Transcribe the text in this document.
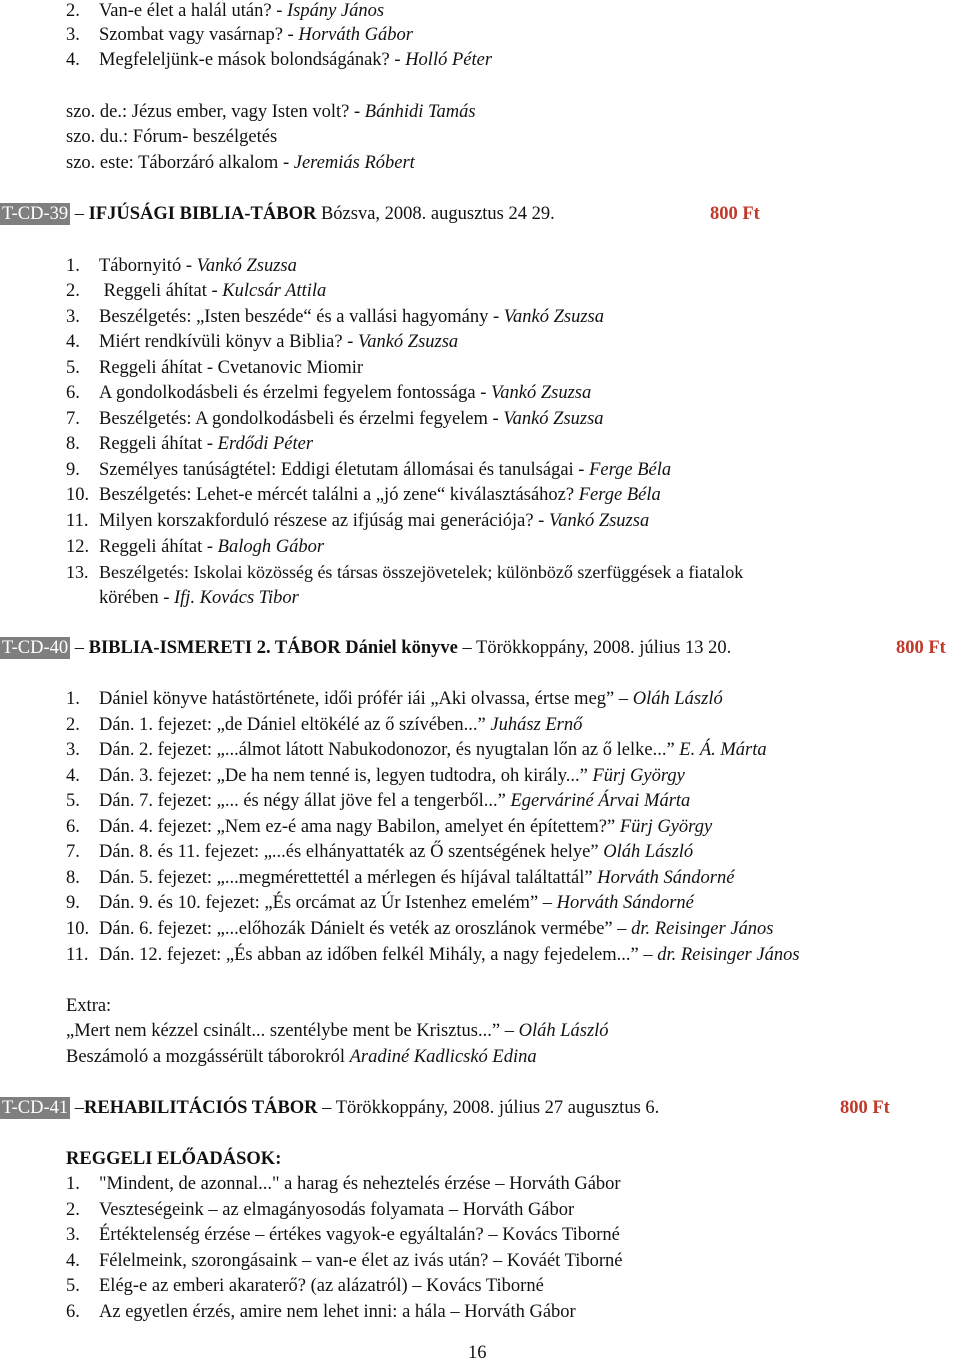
2. Van-e élet a halál után? - Ispány János
3. Szombat vagy vasárnap? - Horváth Gábor
4. Megfeleljünk-e mások bolondságának? - Holló Péter
szo. de.: Jézus ember, vagy Isten volt? - Bánhidi Tamás
szo. du.: Fórum- beszélgetés
szo. este: Táborzáró alkalom - Jeremiás Róbert
T-CD-39 – IFJÚSÁGI BIBLIA-TÁBOR Bózsva, 2008. augusztus 24 29.	800 Ft
1. Tábornyitó - Vankó Zsuzsa
2. Reggeli áhítat - Kulcsár Attila
3. Beszélgetés: „Isten beszéde“ és a vallási hagyomány - Vankó Zsuzsa
4. Miért rendkívüli könyv a Biblia? - Vankó Zsuzsa
5. Reggeli áhítat - Cvetanovic Miomir
6. A gondolkodásbeli és érzelmi fegyelem fontossága - Vankó Zsuzsa
7. Beszélgetés: A gondolkodásbeli és érzelmi fegyelem - Vankó Zsuzsa
8. Reggeli áhítat - Erdődi Péter
9. Személyes tanúságtétel: Eddigi életutam állomásai és tanulságai - Ferge Béla
10. Beszélgetés: Lehet-e mércét találni a „jó zene“ kiválasztásához? Ferge Béla
11. Milyen korszakforduló részese az ifjúság mai generációja? - Vankó Zsuzsa
12. Reggeli áhítat - Balogh Gábor
13. Beszélgetés: Iskolai közösség és társas összejövetelek; különböző szerfüggések a fiatalok
körében - Ifj. Kovács Tibor
T-CD-40 – BIBLIA-ISMERETI 2. TÁBOR Dániel könyve – Törökkoppány, 2008. július 13 20.	800 Ft
1. Dániel könyve hatástörténete, idői prófér iái „Aki olvassa, értse meg” – Oláh László
2. Dán. 1. fejezet: „de Dániel eltökélé az ő szívében...” Juhász Ernő
3. Dán. 2. fejezet: „...álmot látott Nabukodonozor, és nyugtalan lőn az ő lelke...” E. Á. Márta
4. Dán. 3. fejezet: „De ha nem tenné is, legyen tudtodra, oh király...” Fürj György
5. Dán. 7. fejezet: „... és négy állat jöve fel a tengerből...” Egerváriné Árvai Márta
6. Dán. 4. fejezet: „Nem ez-é ama nagy Babilon, amelyet én építettem?” Fürj György
7. Dán. 8. és 11. fejezet: „...és elhányattaték az Ő szentségének helye” Oláh László
8. Dán. 5. fejezet: „...megmérettettél a mérlegen és híjával találtattál” Horváth Sándorné
9. Dán. 9. és 10. fejezet: „És orcámat az Úr Istenhez emelém” – Horváth Sándorné
10. Dán. 6. fejezet: „...előhozák Dánielt és veték az oroszlánok vermébe” – dr. Reisinger János
11. Dán. 12. fejezet: „És abban az időben felkél Mihály, a nagy fejedelem...” – dr. Reisinger János
Extra:
„Mert nem kézzel csinált... szentélybe ment be Krisztus...” – Oláh László
Beszámoló a mozgássérült táborokról Aradiné Kadlicskó Edina
T-CD-41 –REHABILITÁCIÓS TÁBOR – Törökkoppány, 2008. július 27 augusztus 6.	800 Ft
REGGELI ELŐADÁSOK:
1. "Mindent, de azonnal..." a harag és neheztelés érzése – Horváth Gábor
2. Veszteségeink – az elmagányosodás folyamata – Horváth Gábor
3. Értéktelenség érzése – értékes vagyok-e egyáltalán? – Kovács Tiborné
4. Félelmeink, szorongásaink – van-e élet az ivás után? – Kováét Tiborné
5. Elég-e az emberi akaraterő? (az alázatról) – Kovács Tiborné
6. Az egyetlen érzés, amire nem lehet inni: a hála – Horváth Gábor
16
